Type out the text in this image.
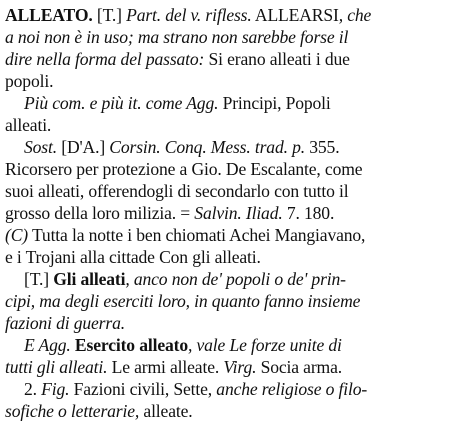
ALLEATO. [T.] Part. del v. rifless. ALLEARSI, che
a noi non è in uso; ma strano non sarebbe forse il
dire nella forma del passato: Si erano alleati i due
popoli.
Più com. e più it. come Agg. Principi, Popoli
alleati.
Sost. [D'A.] Corsin. Conq. Mess. trad. p. 355.
Ricorsero per protezione a Gio. De Escalante, come
suoi alleati, offerendogli di secondarlo con tutto il
grosso della loro milizia. = Salvin. Iliad. 7. 180.
(C) Tutta la notte i ben chiomati Achei Mangiavano,
e i Trojani alla cittade Con gli alleati.
[T.] Gli alleati, anco non de' popoli o de' prin-
cipi, ma degli eserciti loro, in quanto fanno insieme
fazioni di guerra.
E Agg. Esercito alleato, vale Le forze unite di
tutti gli alleati. Le armi alleate. Virg. Socia arma.
2. Fig. Fazioni civili, Sette, anche religiose o filo-
sofiche o letterarie, alleate.
